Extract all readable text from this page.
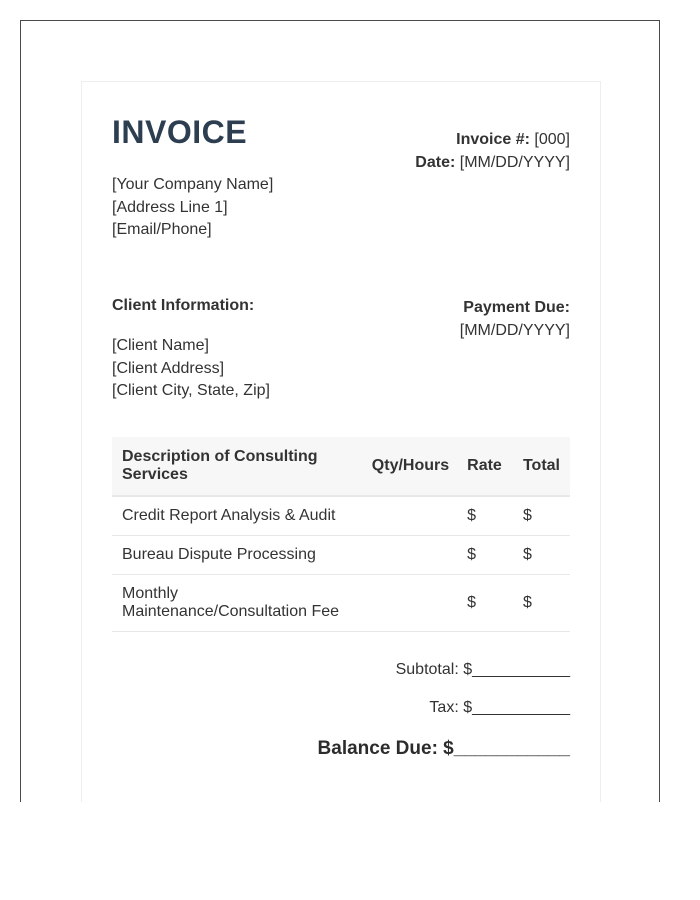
INVOICE
[Your Company Name]
[Address Line 1]
[Email/Phone]
Invoice #: [000]
Date: [MM/DD/YYYY]
Client Information:
[Client Name]
[Client Address]
[Client City, State, Zip]
Payment Due:
[MM/DD/YYYY]
Description of Consulting Services	Qty/Hours	Rate	Total
Credit Report Analysis & Audit		$	$
Bureau Dispute Processing		$	$
Monthly Maintenance/Consultation Fee		$	$
Subtotal: $___________
Tax: $___________
Balance Due: $___________
